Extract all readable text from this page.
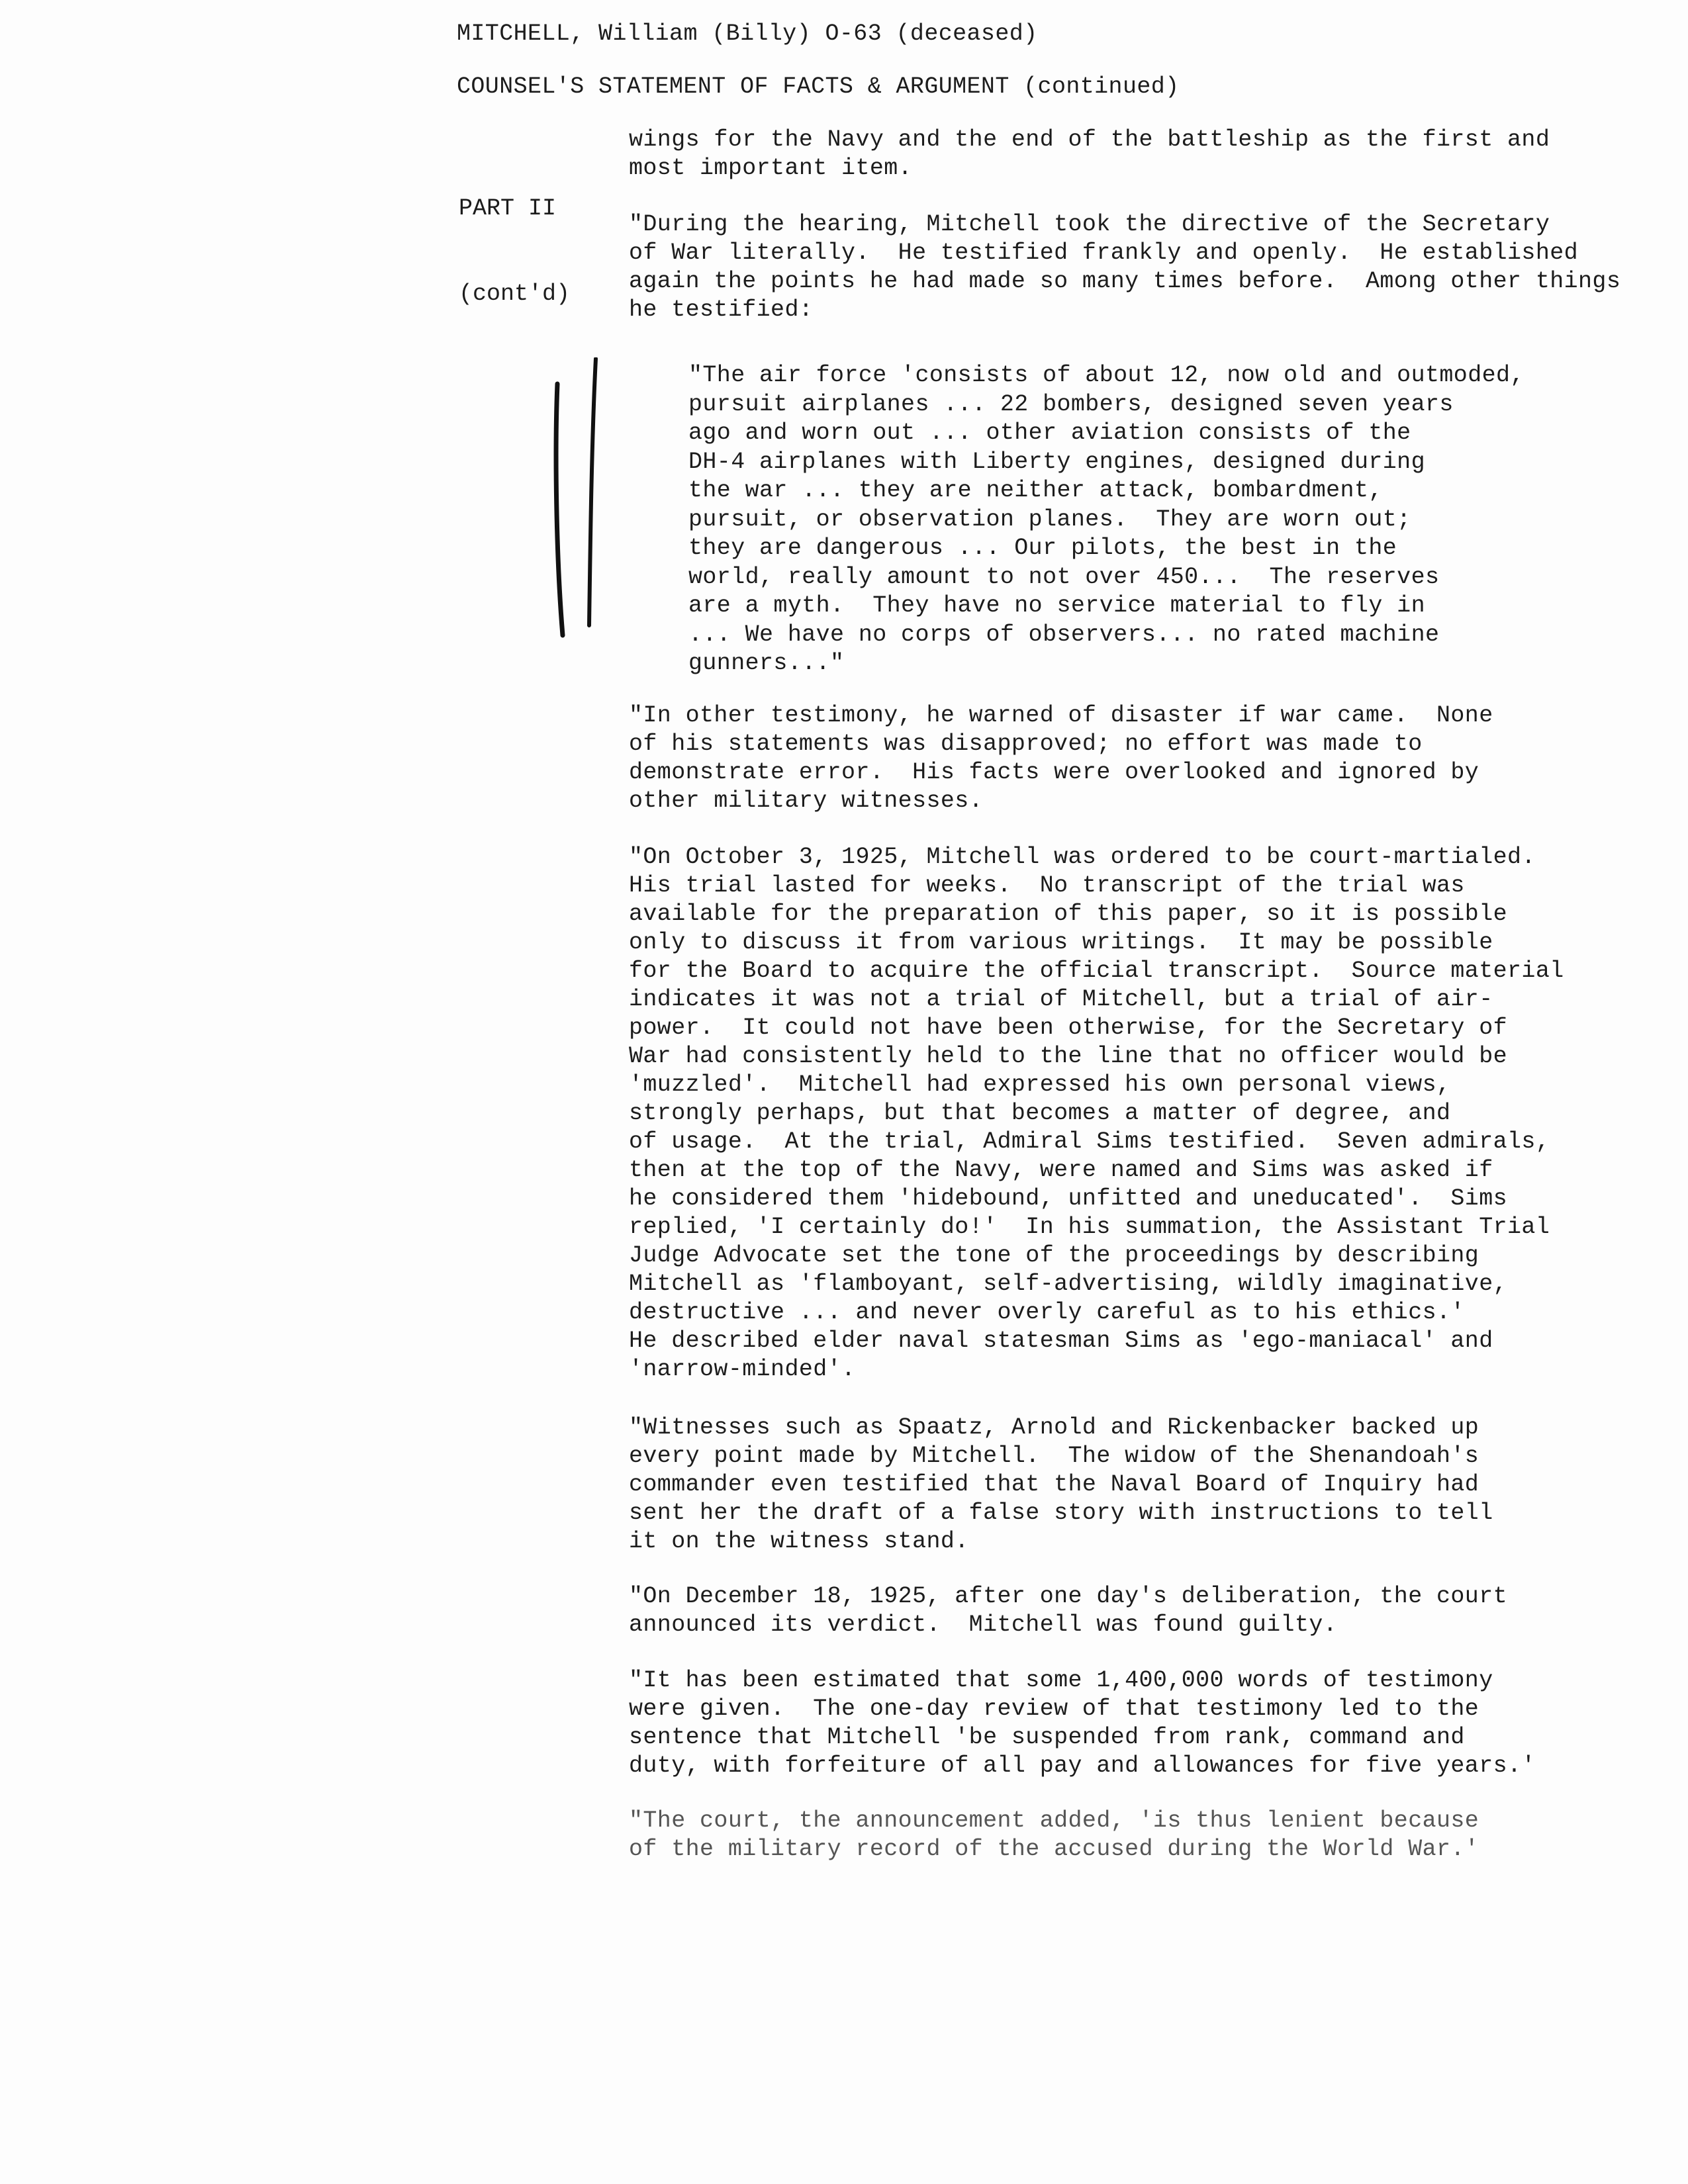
MITCHELL, William (Billy) O-63 (deceased)
COUNSEL'S STATEMENT OF FACTS & ARGUMENT (continued)

PART II

(cont'd)

wings for the Navy and the end of the battleship as the first and
most important item.
"During the hearing, Mitchell took the directive of the Secretary
of War literally.  He testified frankly and openly.  He established
again the points he had made so many times before.  Among other things
he testified:
"The air force 'consists of about 12, now old and outmoded,
pursuit airplanes ... 22 bombers, designed seven years
ago and worn out ... other aviation consists of the
DH-4 airplanes with Liberty engines, designed during
the war ... they are neither attack, bombardment,
pursuit, or observation planes.  They are worn out;
they are dangerous ... Our pilots, the best in the
world, really amount to not over 450...  The reserves
are a myth.  They have no service material to fly in
... We have no corps of observers... no rated machine
gunners..."
"In other testimony, he warned of disaster if war came.  None
of his statements was disapproved; no effort was made to
demonstrate error.  His facts were overlooked and ignored by
other military witnesses.
"On October 3, 1925, Mitchell was ordered to be court-martialed.
His trial lasted for weeks.  No transcript of the trial was
available for the preparation of this paper, so it is possible
only to discuss it from various writings.  It may be possible
for the Board to acquire the official transcript.  Source material
indicates it was not a trial of Mitchell, but a trial of air-
power.  It could not have been otherwise, for the Secretary of
War had consistently held to the line that no officer would be
'muzzled'.  Mitchell had expressed his own personal views,
strongly perhaps, but that becomes a matter of degree, and
of usage.  At the trial, Admiral Sims testified.  Seven admirals,
then at the top of the Navy, were named and Sims was asked if
he considered them 'hidebound, unfitted and uneducated'.  Sims
replied, 'I certainly do!'  In his summation, the Assistant Trial
Judge Advocate set the tone of the proceedings by describing
Mitchell as 'flamboyant, self-advertising, wildly imaginative,
destructive ... and never overly careful as to his ethics.'
He described elder naval statesman Sims as 'ego-maniacal' and
'narrow-minded'.
"Witnesses such as Spaatz, Arnold and Rickenbacker backed up
every point made by Mitchell.  The widow of the Shenandoah's
commander even testified that the Naval Board of Inquiry had
sent her the draft of a false story with instructions to tell
it on the witness stand.
"On December 18, 1925, after one day's deliberation, the court
announced its verdict.  Mitchell was found guilty.
"It has been estimated that some 1,400,000 words of testimony
were given.  The one-day review of that testimony led to the
sentence that Mitchell 'be suspended from rank, command and
duty, with forfeiture of all pay and allowances for five years.'
"The court, the announcement added, 'is thus lenient because
of the military record of the accused during the World War.'
